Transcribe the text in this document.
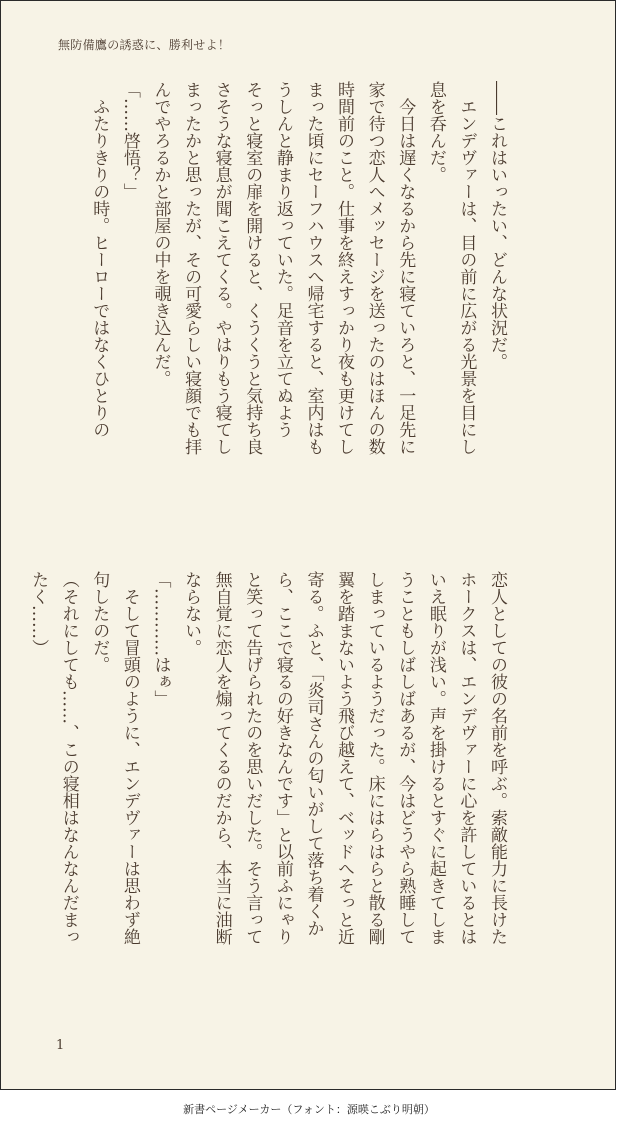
無防備鷹の誘惑に、勝利せよ！

――これはいったい、どんな状況だ。

　エンデヴァーは、目の前に広がる光景を目にし

息を呑んだ。

　今日は遅くなるから先に寝ていろと、一足先に

家で待つ恋人へメッセージを送ったのはほんの数

時間前のこと。仕事を終えすっかり夜も更けてし

まった頃にセーフハウスへ帰宅すると、室内はも

うしんと静まり返っていた。足音を立てぬよう

そっと寝室の扉を開けると、くうくうと気持ち良

さそうな寝息が聞こえてくる。やはりもう寝てし

まったかと思ったが、その可愛らしい寝顔でも拝

んでやろるかと部屋の中を覗き込んだ。

「……啓悟？」

　ふたりきりの時。ヒーローではなくひとりの

恋人としての彼の名前を呼ぶ。索敵能力に長けた

ホークスは、エンデヴァーに心を許しているとは

いえ眠りが浅い。声を掛けるとすぐに起きてしま

うこともしばしばあるが、今はどうやら熟睡して

しまっているようだった。床にはらはらと散る剛

翼を踏まないよう飛び越えて、ベッドへそっと近

寄る。ふと、「炎司さんの匂いがして落ち着くか

ら、ここで寝るの好きなんです」と以前ふにゃり

と笑って告げられたのを思いだした。そう言って

無自覚に恋人を煽ってくるのだから、本当に油断

ならない。

「…………はぁ」

　そして冒頭のように、エンデヴァーは思わず絶

句したのだ。

（それにしても……、この寝相はなんなんだまっ

たく……）

1
新書ページメーカー（フォント：源暎こぶり明朝）
